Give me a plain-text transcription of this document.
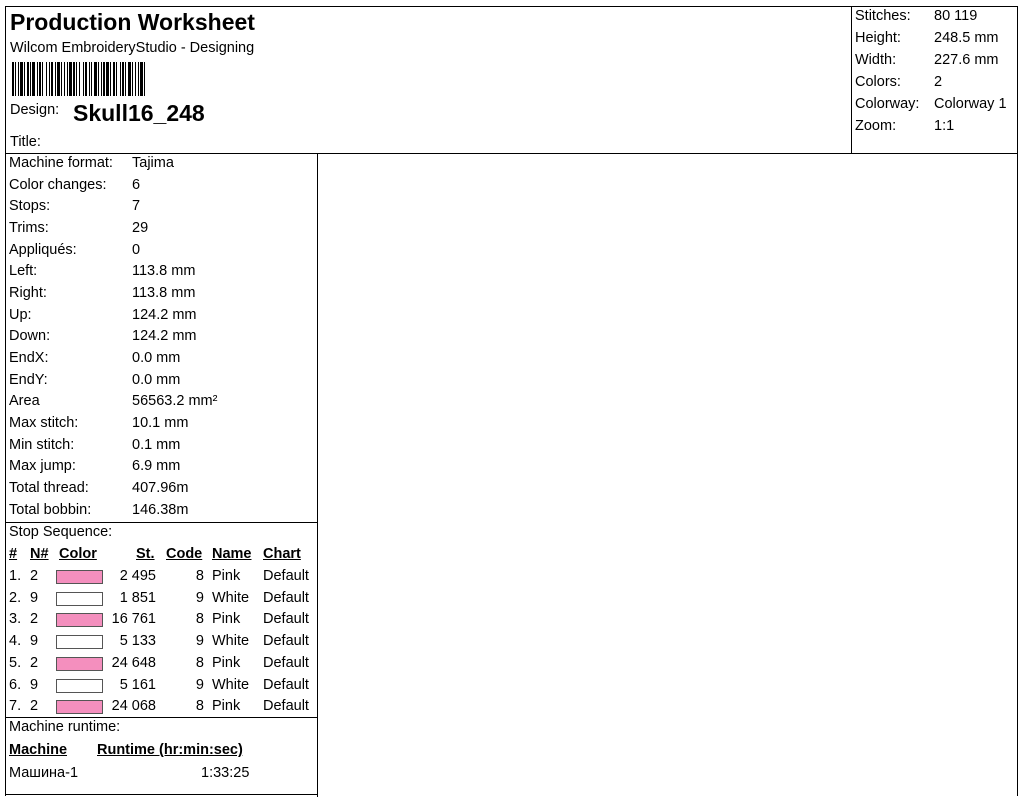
Production Worksheet
Wilcom EmbroideryStudio - Designing
Design: Skull16_248
Title:
Stitches: 80 119
Height: 248.5 mm
Width:	227.6 mm
Colors: 2
Colorway: Colorway 1
Zoom:	1:1
Machine format: Tajima
Color changes: 6
Stops:	7
Trims:	29
Appliqués:	0
Left:	113.8 mm
Right:	113.8 mm
Up:	124.2 mm
Down:	124.2 mm
EndX:	0.0 mm
EndY:	0.0 mm
Area	56563.2 mm²
Max stitch:	10.1 mm
Min stitch:	0.1 mm
Max jump:	6.9 mm
Total thread:	407.96m
Total bobbin:	146.38m
Stop Sequence:
# N# Color	St. Code Name Chart
1. 2	2 495	8 Pink Default
2. 9	1 851	9 White Default
3. 2	16 761	8 Pink Default
4. 9	5 133	9 White Default
5. 2	24 648	8 Pink Default
6. 9	5 161	9 White Default
7. 2	24 068	8 Pink Default
Machine runtime:
Machine Runtime (hr:min:sec)
Машина-1	1:33:25
